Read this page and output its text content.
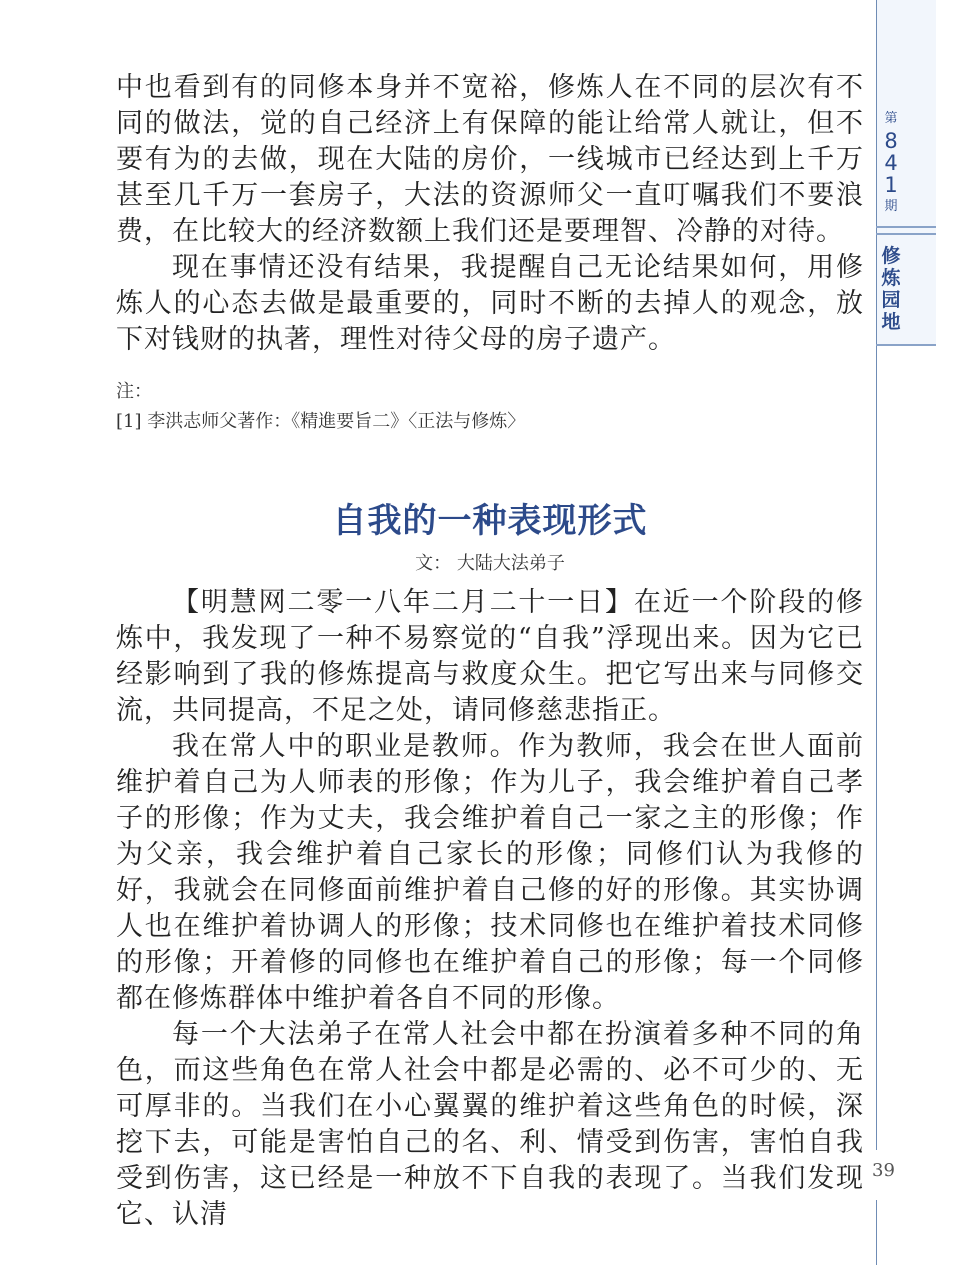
第
8
4
1
期
修
炼
园
地

中也看到有的同修本身并不宽裕，修炼人在不同的层次有不同的做法，觉的自己经济上有保障的能让给常人就让，但不要有为的去做，现在大陆的房价，一线城市已经达到上千万甚至几千万一套房子，大法的资源师父一直叮嘱我们不要浪费，在比较大的经济数额上我们还是要理智、冷静的对待。

现在事情还没有结果，我提醒自己无论结果如何，用修炼人的心态去做是最重要的，同时不断的去掉人的观念，放下对钱财的执著，理性对待父母的房子遗产。

注：
[1] 李洪志师父著作：《精進要旨二》〈正法与修炼〉
自我的一种表现形式
文： 大陆大法弟子

【明慧网二零一八年二月二十一日】在近一个阶段的修炼中，我发现了一种不易察觉的“自我”浮现出来。因为它已经影响到了我的修炼提高与救度众生。把它写出来与同修交流，共同提高，不足之处，请同修慈悲指正。

我在常人中的职业是教师。作为教师，我会在世人面前维护着自己为人师表的形像；作为儿子，我会维护着自己孝子的形像；作为丈夫，我会维护着自己一家之主的形像；作为父亲，我会维护着自己家长的形像；同修们认为我修的好，我就会在同修面前维护着自己修的好的形像。其实协调人也在维护着协调人的形像；技术同修也在维护着技术同修的形像；开着修的同修也在维护着自己的形像；每一个同修都在修炼群体中维护着各自不同的形像。

每一个大法弟子在常人社会中都在扮演着多种不同的角色，而这些角色在常人社会中都是必需的、必不可少的、无可厚非的。当我们在小心翼翼的维护着这些角色的时候，深挖下去，可能是害怕自己的名、利、情受到伤害，害怕自我受到伤害，这已经是一种放不下自我的表现了。当我们发现它、认清

39
